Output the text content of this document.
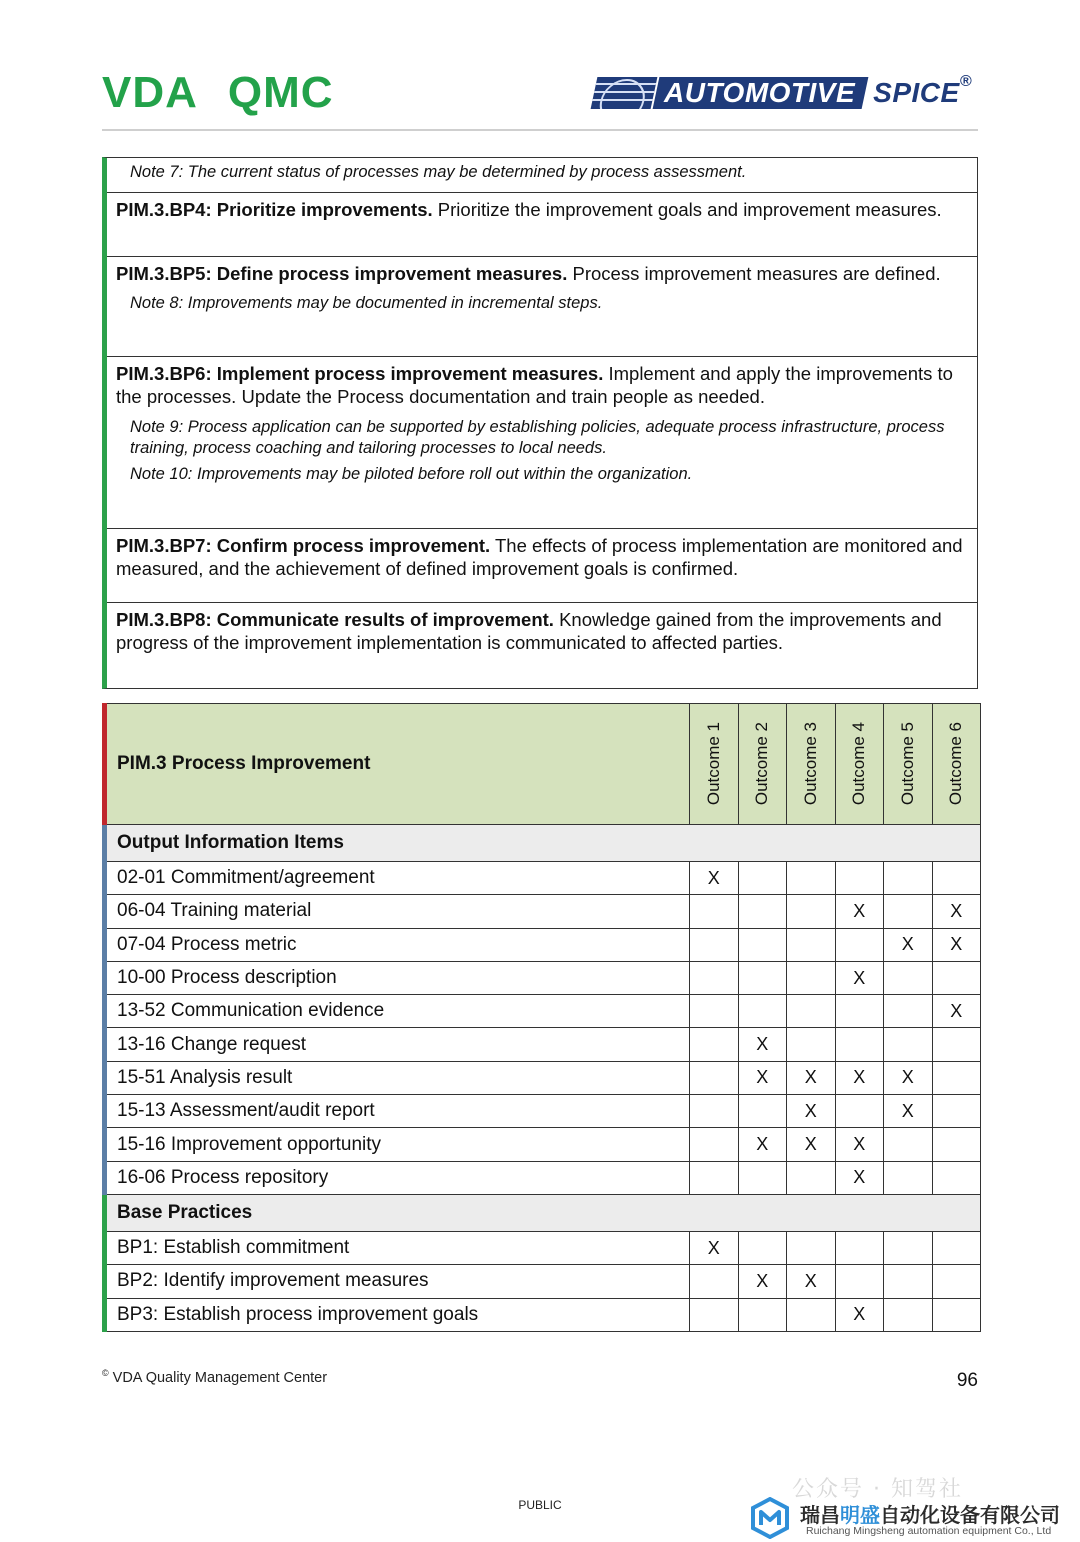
VDA QMC	AUTOMOTIVE SPICE®
Note 7: The current status of processes may be determined by process assessment.
PIM.3.BP4: Prioritize improvements. Prioritize the improvement goals and improvement measures.
PIM.3.BP5: Define process improvement measures. Process improvement measures are defined.
Note 8: Improvements may be documented in incremental steps.
PIM.3.BP6: Implement process improvement measures. Implement and apply the improvements to the processes. Update the Process documentation and train people as needed.
Note 9: Process application can be supported by establishing policies, adequate process infrastructure, process training, process coaching and tailoring processes to local needs.
Note 10: Improvements may be piloted before roll out within the organization.
PIM.3.BP7: Confirm process improvement. The effects of process implementation are monitored and measured, and the achievement of defined improvement goals is confirmed.
PIM.3.BP8: Communicate results of improvement. Knowledge gained from the improvements and progress of the improvement implementation is communicated to affected parties.
PIM.3 Process Improvement	Outcome 1	Outcome 2	Outcome 3	Outcome 4	Outcome 5	Outcome 6

Output Information Items						
02-01 Commitment/agreement	X					
06-04 Training material				X		X
07-04 Process metric					X	X
10-00 Process description				X		
13-52 Communication evidence						X
13-16 Change request		X				
15-51 Analysis result		X	X	X	X	
15-13 Assessment/audit report			X		X	
15-16 Improvement opportunity		X	X	X		
16-06 Process repository				X		
Base Practices						
BP1: Establish commitment	X					
BP2: Identify improvement measures		X	X			
BP3: Establish process improvement goals				X		
© VDA Quality Management Center	96
PUBLIC
公众号 · 知驾社
瑞昌明盛自动化设备有限公司
Ruichang Mingsheng automation equipment Co., Ltd
